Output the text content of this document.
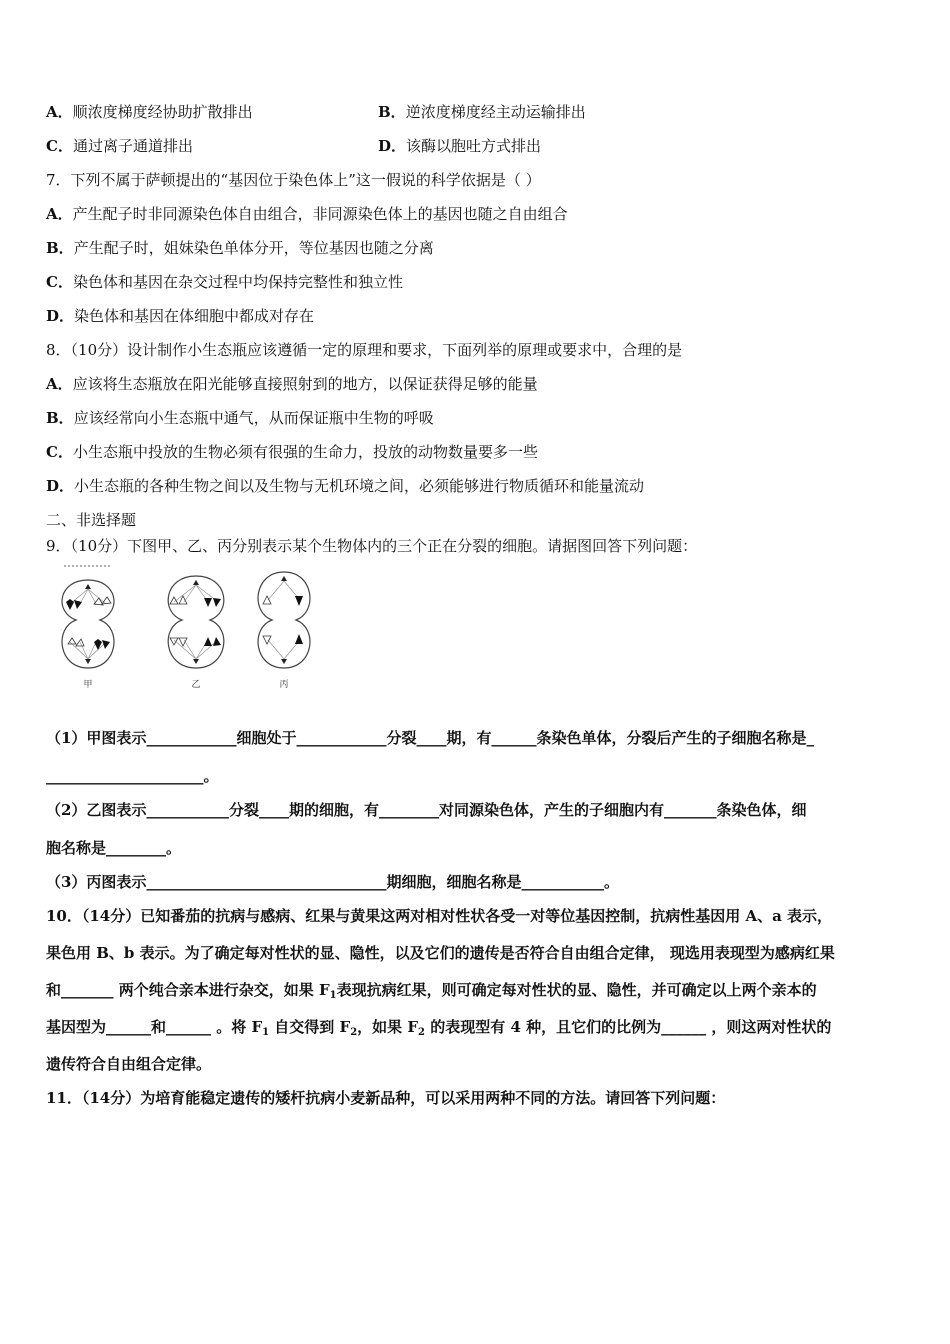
A．顺浓度梯度经协助扩散排出	B．逆浓度梯度经主动运输排出
C．通过离子通道排出	D．该酶以胞吐方式排出
7．下列不属于萨顿提出的“基因位于染色体上”这一假说的科学依据是（ ）
A．产生配子时非同源染色体自由组合，非同源染色体上的基因也随之自由组合
B．产生配子时，姐妹染色单体分开，等位基因也随之分离
C．染色体和基因在杂交过程中均保持完整性和独立性
D．染色体和基因在体细胞中都成对存在
8．（10分）设计制作小生态瓶应该遵循一定的原理和要求，下面列举的原理或要求中，合理的是
A．应该将生态瓶放在阳光能够直接照射到的地方，以保证获得足够的能量
B．应该经常向小生态瓶中通气，从而保证瓶中生物的呼吸
C．小生态瓶中投放的生物必须有很强的生命力，投放的动物数量要多一些
D．小生态瓶的各种生物之间以及生物与无机环境之间，必须能够进行物质循环和能量流动
二、非选择题
9．（10分）下图甲、乙、丙分别表示某个生物体内的三个正在分裂的细胞。请据图回答下列问题：
甲	乙	丙
（1）甲图表示____________细胞处于____________分裂____期，有______条染色单体，分裂后产生的子细胞名称是_
_____________________。
（2）乙图表示___________分裂____期的细胞，有________对同源染色体，产生的子细胞内有_______条染色体，细
胞名称是________。
（3）丙图表示________________________________期细胞，细胞名称是___________。
10．（14分）已知番茄的抗病与感病、红果与黄果这两对相对性状各受一对等位基因控制，抗病性基因用 A、a 表示，
果色用 B、b 表示。为了确定每对性状的显、隐性，以及它们的遗传是否符合自由组合定律， 现选用表现型为感病红果
和_______ 两个纯合亲本进行杂交，如果 $F_1$表现抗病红果，则可确定每对性状的显、隐性，并可确定以上两个亲本的
基因型为______和______ 。将 $F_1$ 自交得到 $F_2$，如果 $F_2$ 的表现型有 4 种，且它们的比例为______ ，则这两对性状的
遗传符合自由组合定律。
11．（14分）为培育能稳定遗传的矮杆抗病小麦新品种，可以采用两种不同的方法。请回答下列问题：
